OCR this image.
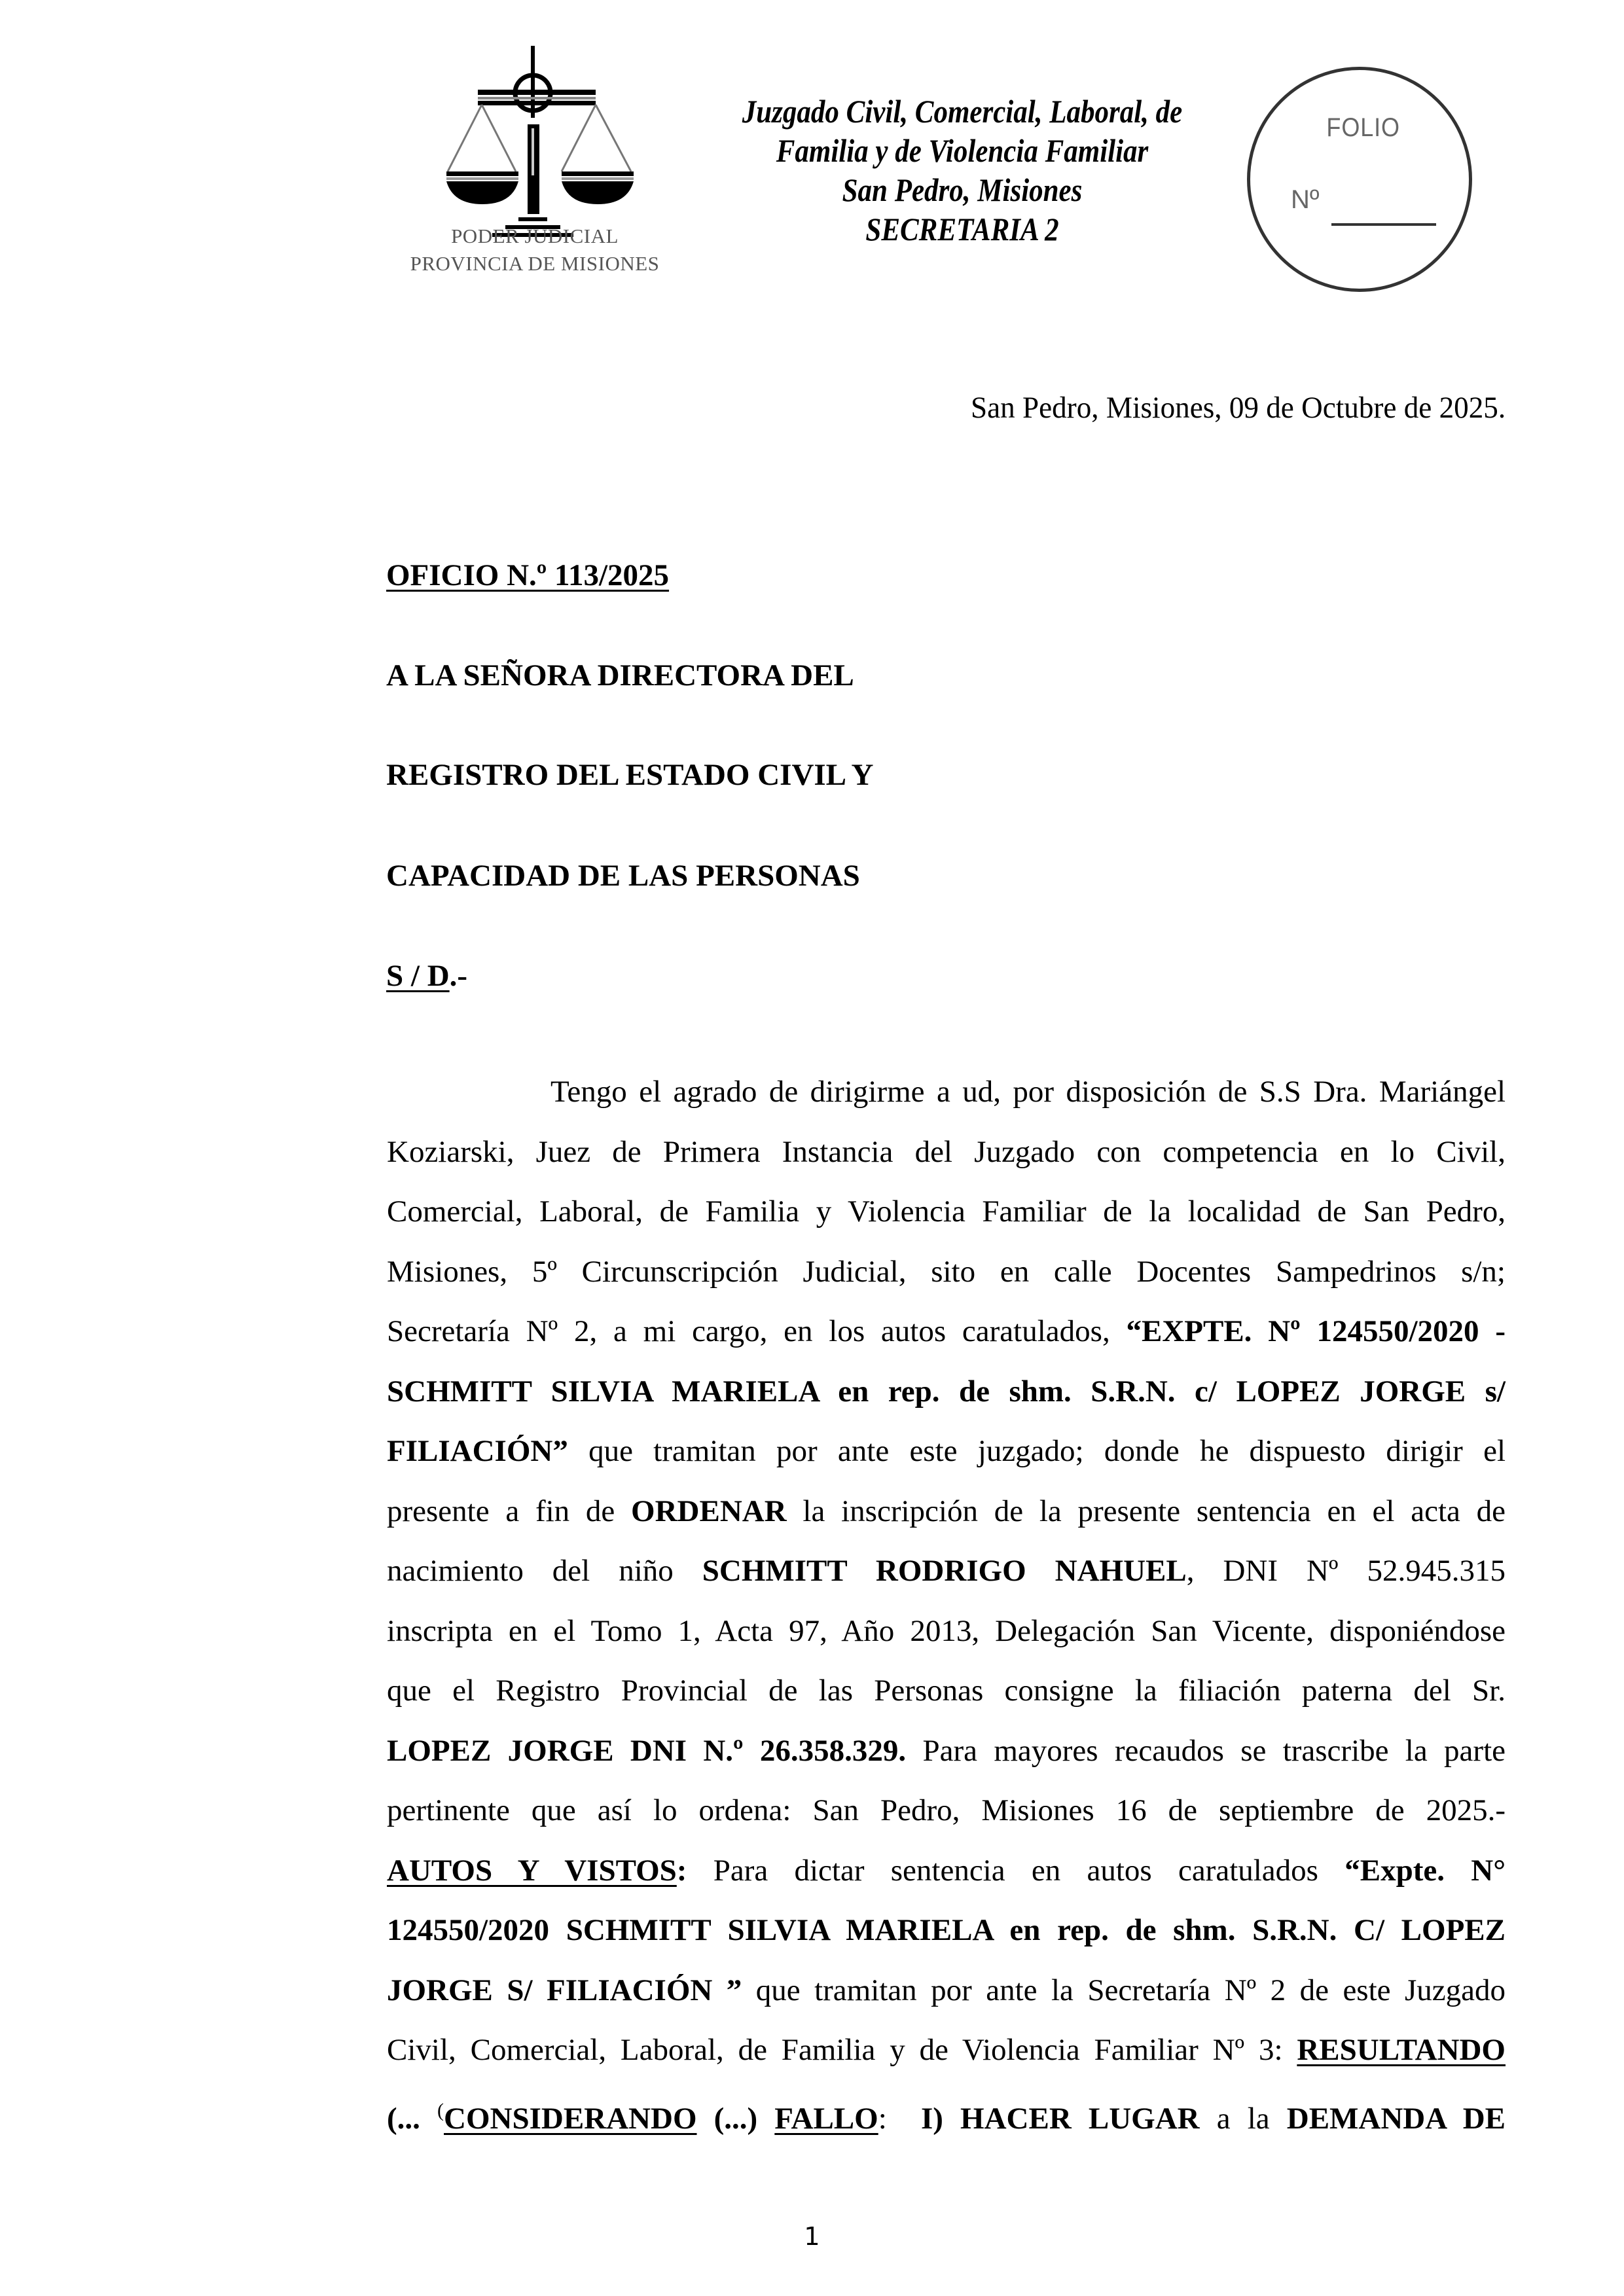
PODER JUDICIAL
PROVINCIA DE MISIONES
Juzgado Civil, Comercial, Laboral, de
Familia y de Violencia Familiar
San Pedro, Misiones
SECRETARIA 2
FOLIO
Nº
San Pedro, Misiones, 09 de Octubre de 2025.
OFICIO N.º 113/2025
A LA SEÑORA DIRECTORA DEL
REGISTRO DEL ESTADO CIVIL Y
CAPACIDAD DE LAS PERSONAS
S / D.-
Tengo el agrado de dirigirme a ud, por disposición de S.S Dra. Mariángel
Koziarski, Juez de Primera Instancia del Juzgado con competencia en lo Civil,
Comercial, Laboral, de Familia y Violencia Familiar de la localidad de San Pedro,
Misiones, 5º Circunscripción Judicial, sito en calle Docentes Sampedrinos s/n;
Secretaría Nº 2, a mi cargo, en los autos caratulados, “EXPTE. Nº 124550/2020 -
SCHMITT SILVIA MARIELA en rep. de shm. S.R.N. c/ LOPEZ JORGE s/
FILIACIÓN” que tramitan por ante este juzgado; donde he dispuesto dirigir el
presente a fin de ORDENAR la inscripción de la presente sentencia en el acta de
nacimiento del niño SCHMITT RODRIGO NAHUEL, DNI Nº 52.945.315
inscripta en el Tomo 1, Acta 97, Año 2013, Delegación San Vicente, disponiéndose
que el Registro Provincial de las Personas consigne la filiación paterna del Sr.
LOPEZ JORGE DNI N.º 26.358.329. Para mayores recaudos se trascribe la parte
pertinente que así lo ordena: San Pedro, Misiones 16 de septiembre de 2025.-
AUTOS Y VISTOS: Para dictar sentencia en autos caratulados “Expte. N°
124550/2020 SCHMITT SILVIA MARIELA en rep. de shm. S.R.N. C/ LOPEZ
JORGE S/ FILIACIÓN ” que tramitan por ante la Secretaría Nº 2 de este Juzgado
Civil, Comercial, Laboral, de Familia y de Violencia Familiar Nº 3: RESULTANDO
(... (CONSIDERANDO (...) FALLO:  I) HACER LUGAR a la DEMANDA DE
1
